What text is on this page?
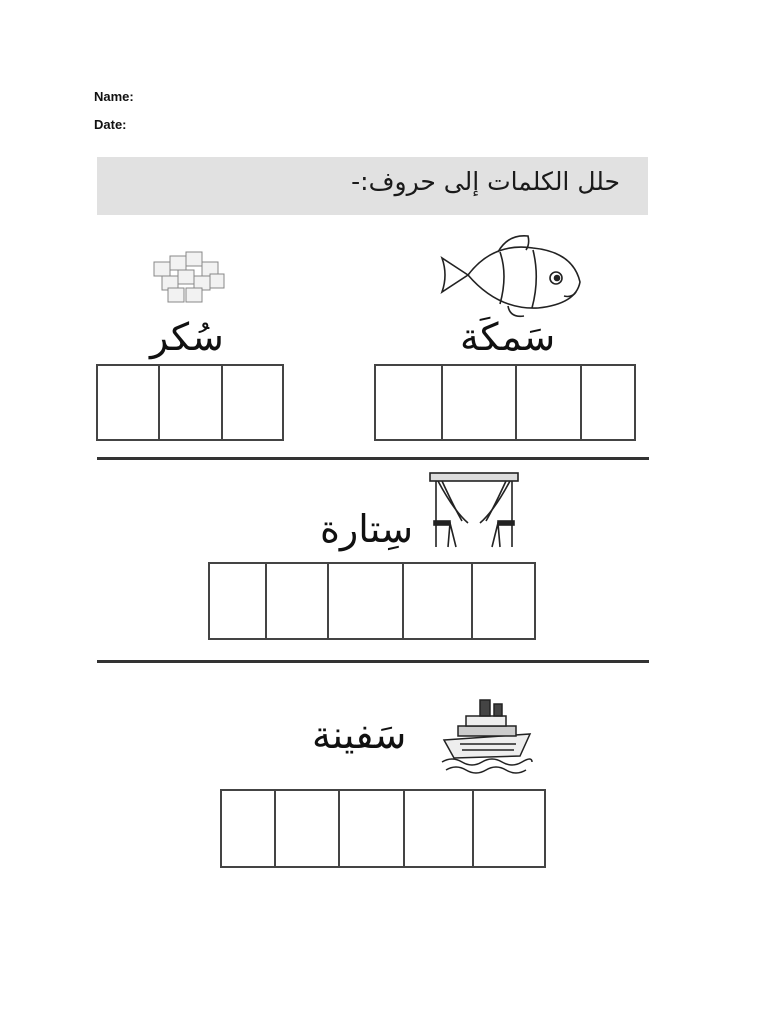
Name:
Date:
حلل الكلمات إلى حروف:-
سُكر	سَمكَة
سِتارة
سَفينة
